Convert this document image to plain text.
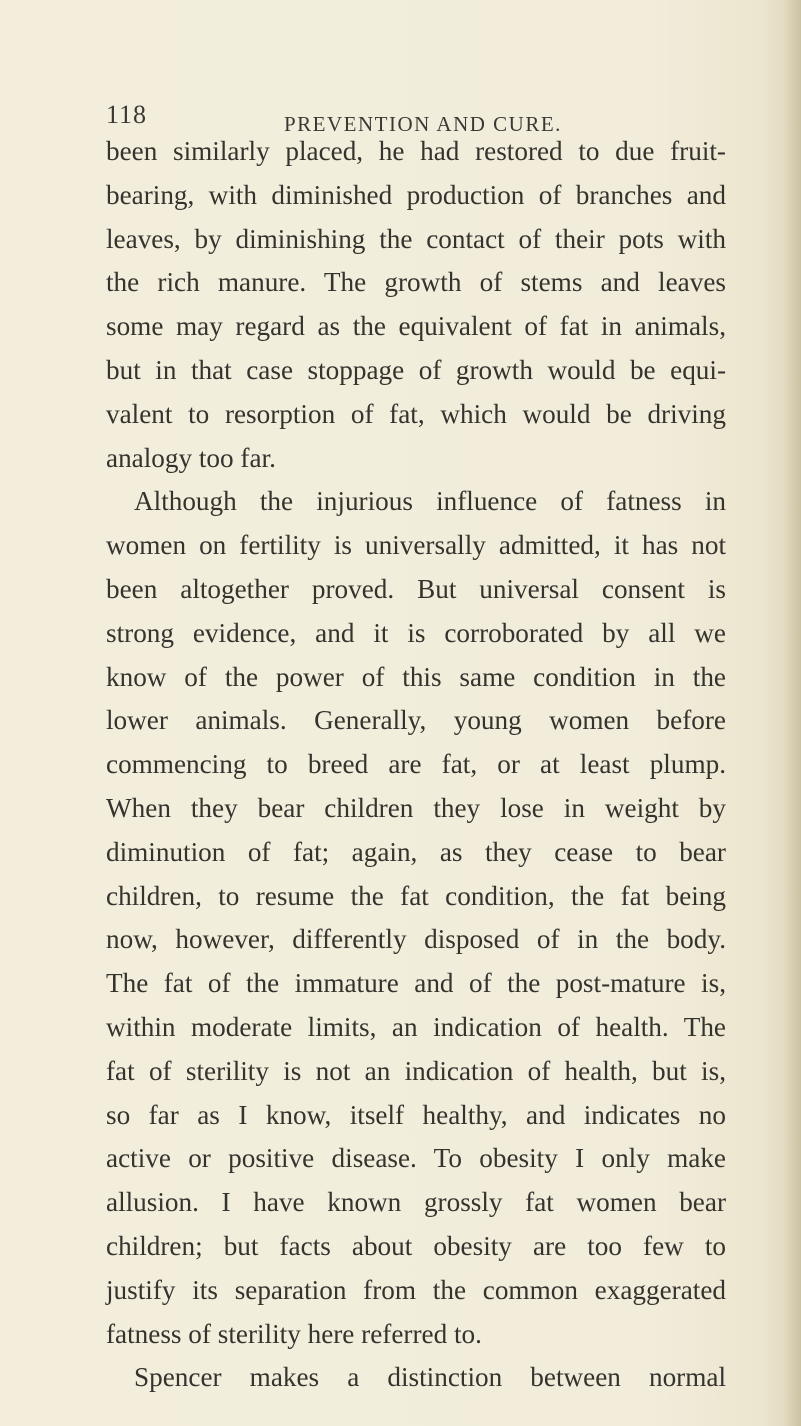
118	PREVENTION AND CURE.
been similarly placed, he had restored to due fruit-
bearing, with diminished production of branches and
leaves, by diminishing the contact of their pots with
the rich manure. The growth of stems and leaves
some may regard as the equivalent of fat in animals,
but in that case stoppage of growth would be equi-
valent to resorption of fat, which would be driving
analogy too far.
Although the injurious influence of fatness in
women on fertility is universally admitted, it has not
been altogether proved. But universal consent is
strong evidence, and it is corroborated by all we
know of the power of this same condition in the
lower animals. Generally, young women before
commencing to breed are fat, or at least plump.
When they bear children they lose in weight by
diminution of fat; again, as they cease to bear
children, to resume the fat condition, the fat being
now, however, differently disposed of in the body.
The fat of the immature and of the post-mature is,
within moderate limits, an indication of health. The
fat of sterility is not an indication of health, but is,
so far as I know, itself healthy, and indicates no
active or positive disease. To obesity I only make
allusion. I have known grossly fat women bear
children; but facts about obesity are too few to
justify its separation from the common exaggerated
fatness of sterility here referred to.
Spencer makes a distinction between normal
